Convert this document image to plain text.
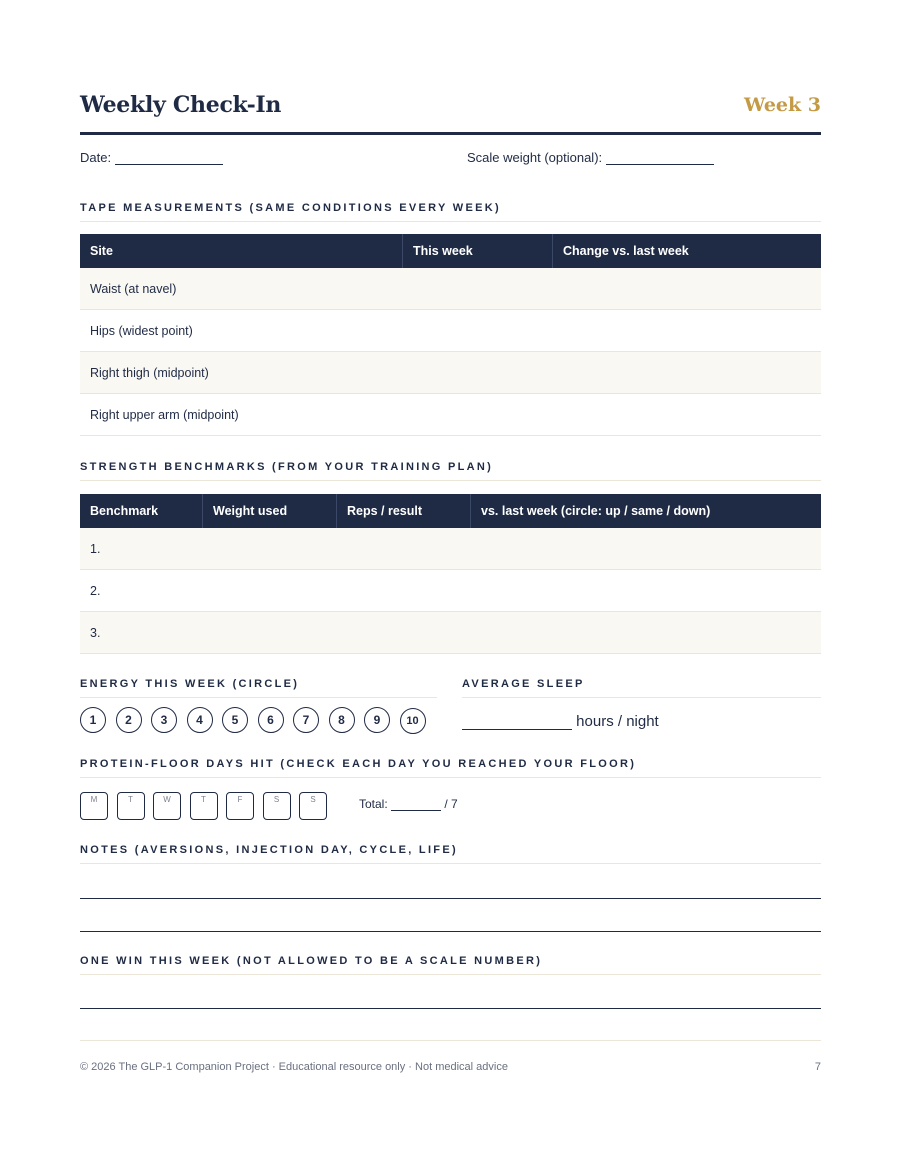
Weekly Check-In	Week 3
Date:	Scale weight (optional):
TAPE MEASUREMENTS (SAME CONDITIONS EVERY WEEK)
Site	This week	Change vs. last week
Waist (at navel)		
Hips (widest point)		
Right thigh (midpoint)		
Right upper arm (midpoint)		
STRENGTH BENCHMARKS (FROM YOUR TRAINING PLAN)
Benchmark	Weight used	Reps / result	vs. last week (circle: up / same / down)
1.			
2.			
3.			
ENERGY THIS WEEK (CIRCLE)
1 2 3 4 5 6 7 8 9 10
AVERAGE SLEEP
hours / night
PROTEIN-FLOOR DAYS HIT (CHECK EACH DAY YOU REACHED YOUR FLOOR)
M	T	W	T	F	S	S	Total:	/ 7
NOTES (AVERSIONS, INJECTION DAY, CYCLE, LIFE)
ONE WIN THIS WEEK (NOT ALLOWED TO BE A SCALE NUMBER)
© 2026 The GLP-1 Companion Project · Educational resource only · Not medical advice	7
